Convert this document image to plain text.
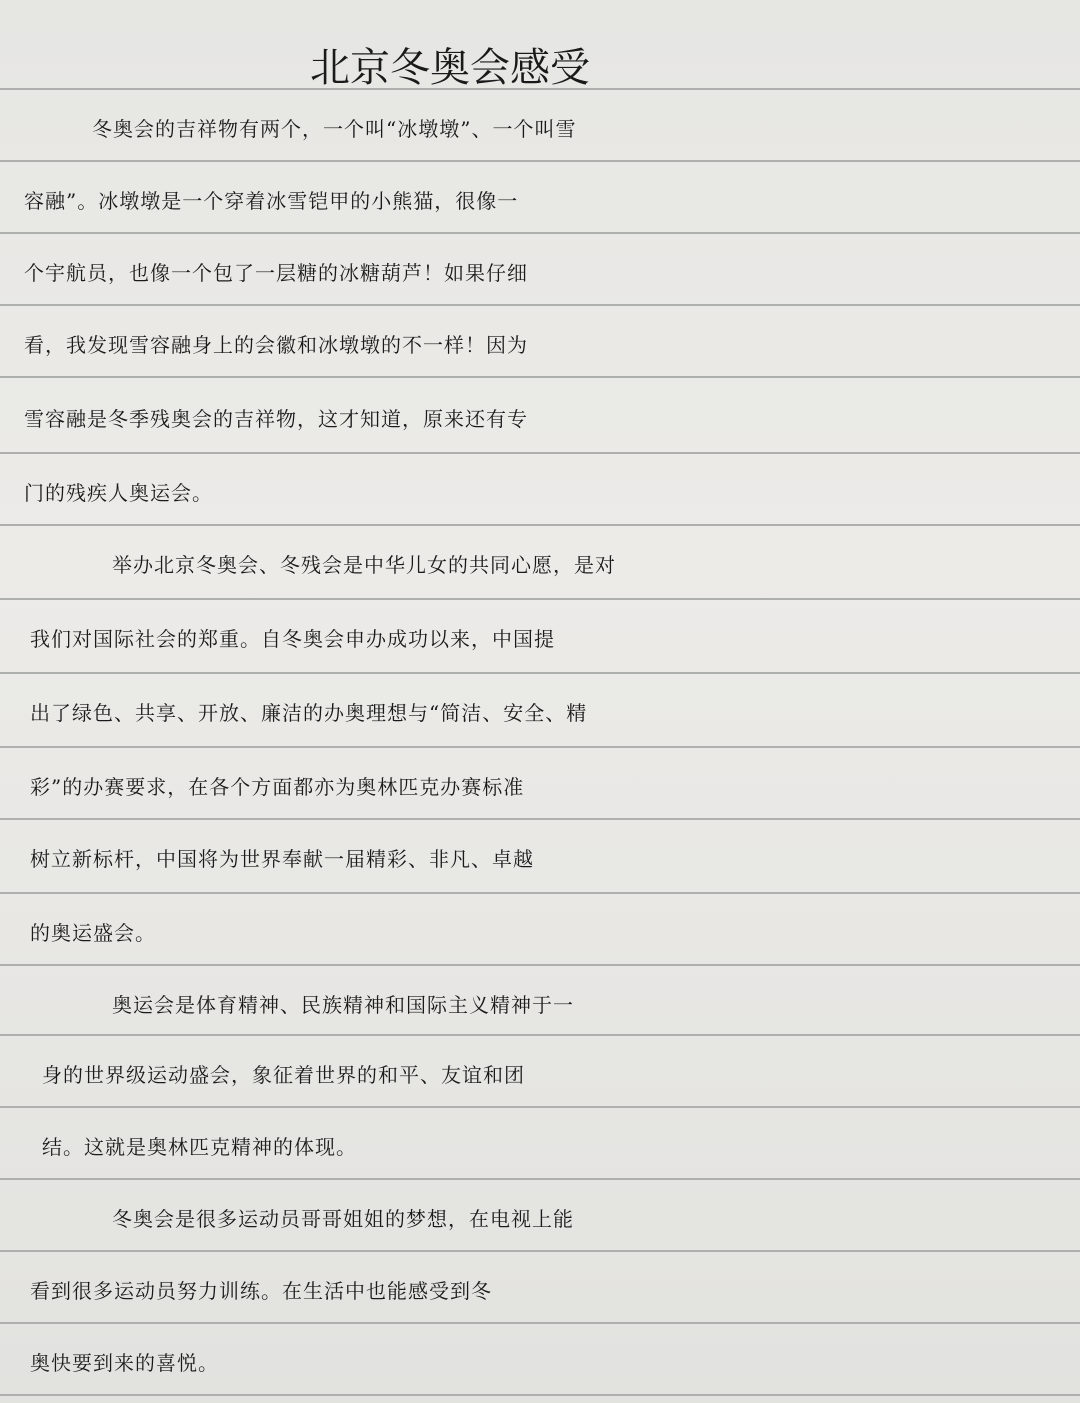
北京冬奥会感受
冬奥会的吉祥物有两个，一个叫“冰墩墩”、一个叫雪
容融”。冰墩墩是一个穿着冰雪铠甲的小熊猫，很像一
个宇航员，也像一个包了一层糖的冰糖葫芦！如果仔细
看，我发现雪容融身上的会徽和冰墩墩的不一样！因为
雪容融是冬季残奥会的吉祥物，这才知道，原来还有专
门的残疾人奥运会。
举办北京冬奥会、冬残会是中华儿女的共同心愿，是对
我们对国际社会的郑重。自冬奥会申办成功以来，中国提
出了绿色、共享、开放、廉洁的办奥理想与“简洁、安全、精
彩”的办赛要求，在各个方面都亦为奥林匹克办赛标准
树立新标杆，中国将为世界奉献一届精彩、非凡、卓越
的奥运盛会。
奥运会是体育精神、民族精神和国际主义精神于一
身的世界级运动盛会，象征着世界的和平、友谊和团
结。这就是奥林匹克精神的体现。
冬奥会是很多运动员哥哥姐姐的梦想，在电视上能
看到很多运动员努力训练。在生活中也能感受到冬
奥快要到来的喜悦。
